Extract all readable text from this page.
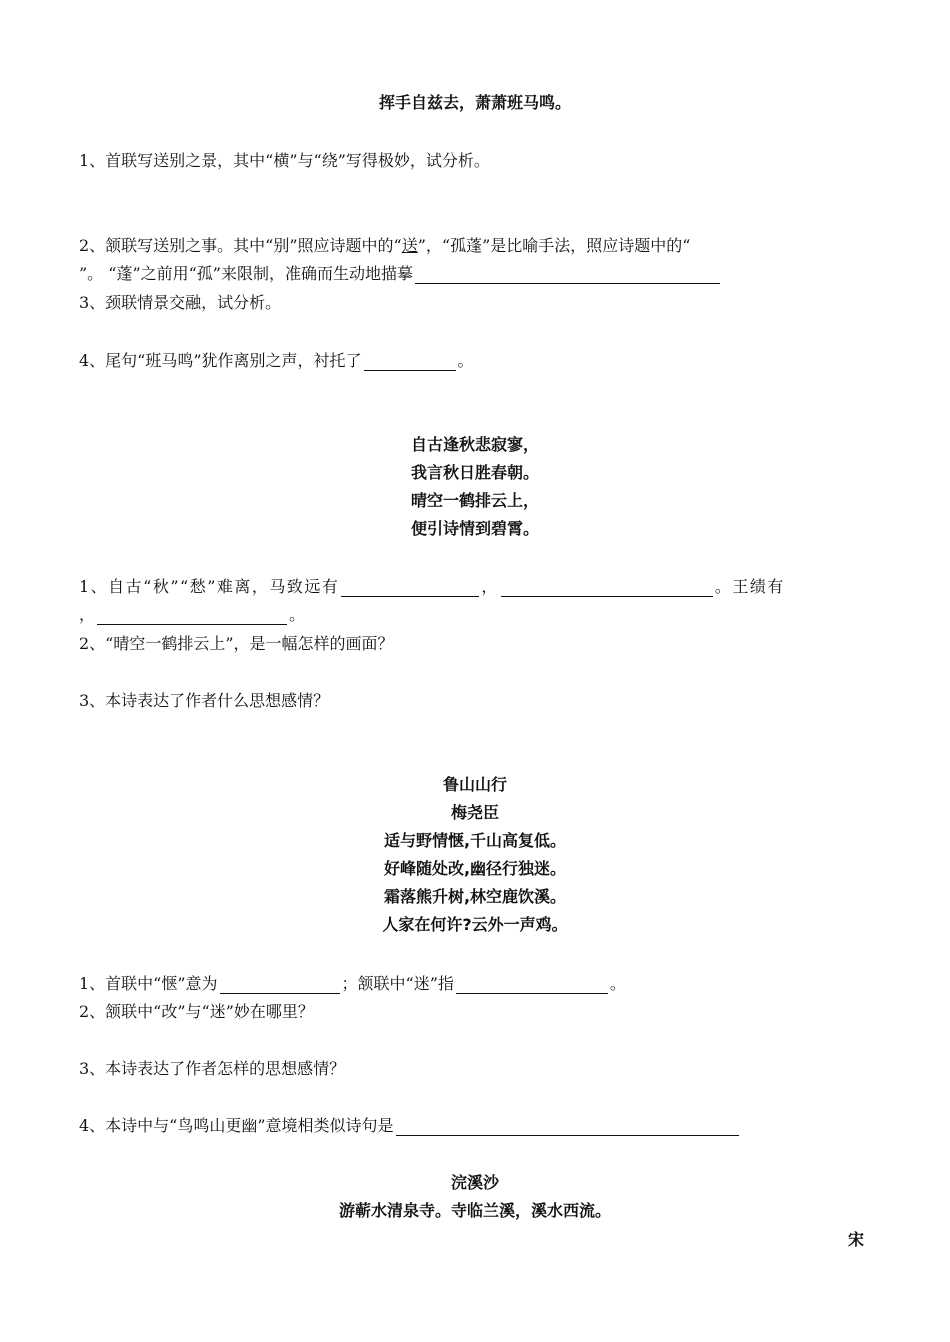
挥手自兹去，萧萧班马鸣。
1、首联写送别之景，其中“横”与“绕”写得极妙，试分析。
2、颔联写送别之事。其中“别”照应诗题中的“送”，“孤蓬”是比喻手法，照应诗题中的“
”。 “蓬”之前用“孤”来限制，准确而生动地描摹
3、颈联情景交融，试分析。
4、尾句“班马鸣”犹作离别之声，衬托了	。
自古逢秋悲寂寥，
我言秋日胜春朝。
晴空一鹤排云上，
便引诗情到碧霄。
1、自古“秋”“愁”难离，马致远有	，	。王绩有
，	。
2、“晴空一鹤排云上”，是一幅怎样的画面？
3、本诗表达了作者什么思想感情？
鲁山山行
梅尧臣
适与野情惬,千山高复低。
好峰随处改,幽径行独迷。
霜落熊升树,林空鹿饮溪。
人家在何许?云外一声鸡。
1、首联中“惬”意为	；颔联中“迷”指	。
2、颔联中“改”与“迷”妙在哪里？
3、本诗表达了作者怎样的思想感情？
4、本诗中与“鸟鸣山更幽”意境相类似诗句是
浣溪沙
游蕲水清泉寺。寺临兰溪，溪水西流。
宋
